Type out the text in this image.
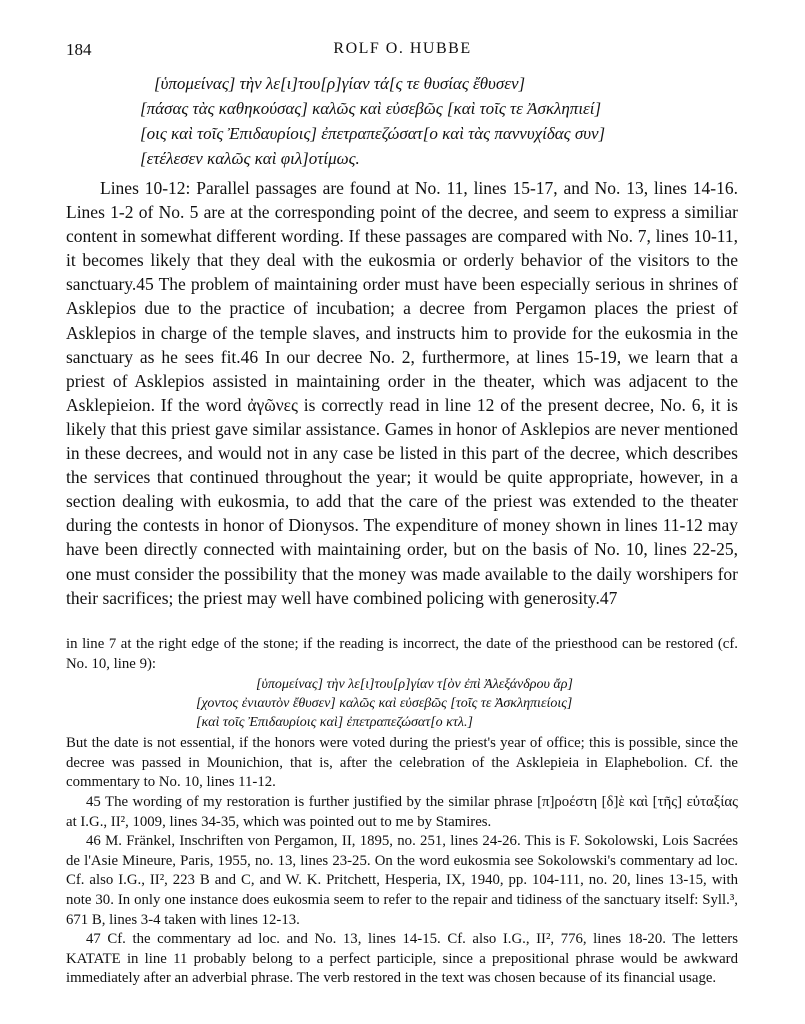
184	ROLF O. HUBBE
[ὑπομείνας] τὴν λε[ι]του[ρ]γίαν τά[ς τε θυσίας ἔθυσεν]
[πάσας τὰς καθηκούσας] καλῶς καὶ εὐσεβῶς [καὶ τοῖς τε Ἀσκληπιεί]
[οις καὶ τοῖς Ἐπιδαυρίοις] ἐπετραπεζώσατ[ο καὶ τὰς παννυχίδας συν]
[ετέλεσεν καλῶς καὶ φιλ]οτίμως.

Lines 10-12: Parallel passages are found at No. 11, lines 15-17, and No. 13, lines 14-16. Lines 1-2 of No. 5 are at the corresponding point of the decree, and seem to express a similiar content in somewhat different wording. If these passages are compared with No. 7, lines 10-11, it becomes likely that they deal with the eukosmia or orderly behavior of the visitors to the sanctuary.45 The problem of maintaining order must have been especially serious in shrines of Asklepios due to the practice of incubation; a decree from Pergamon places the priest of Asklepios in charge of the temple slaves, and instructs him to provide for the eukosmia in the sanctuary as he sees fit.46 In our decree No. 2, furthermore, at lines 15-19, we learn that a priest of Asklepios assisted in maintaining order in the theater, which was adjacent to the Asklepieion. If the word ἀγῶνες is correctly read in line 12 of the present decree, No. 6, it is likely that this priest gave similar assistance. Games in honor of Asklepios are never mentioned in these decrees, and would not in any case be listed in this part of the decree, which describes the services that continued throughout the year; it would be quite appropriate, however, in a section dealing with eukosmia, to add that the care of the priest was extended to the theater during the contests in honor of Dionysos. The expenditure of money shown in lines 11-12 may have been directly connected with maintaining order, but on the basis of No. 10, lines 22-25, one must consider the possibility that the money was made available to the daily worshipers for their sacrifices; the priest may well have combined policing with generosity.47

in line 7 at the right edge of the stone; if the reading is incorrect, the date of the priesthood can be restored (cf. No. 10, line 9):

[ὑπομείνας] τὴν λε[ι]του[ρ]γίαν τ[ὸν ἐπὶ Ἀλεξάνδρου ἄρ]
[χοντος ἐνιαυτὸν ἔθυσεν] καλῶς καὶ εὐσεβῶς [τοῖς τε Ἀσκληπιείοις]
[καὶ τοῖς Ἐπιδαυρίοις καὶ] ἐπετραπεζώσατ[ο κτλ.]

But the date is not essential, if the honors were voted during the priest's year of office; this is possible, since the decree was passed in Mounichion, that is, after the celebration of the Asklepieia in Elaphebolion. Cf. the commentary to No. 10, lines 11-12.

45 The wording of my restoration is further justified by the similar phrase [π]ροέστη [δ]ὲ καὶ [τῆς] εὐταξίας at I.G., II², 1009, lines 34-35, which was pointed out to me by Stamires.

46 M. Fränkel, Inschriften von Pergamon, II, 1895, no. 251, lines 24-26. This is F. Sokolowski, Lois Sacrées de l'Asie Mineure, Paris, 1955, no. 13, lines 23-25. On the word eukosmia see Sokolowski's commentary ad loc. Cf. also I.G., II², 223 B and C, and W. K. Pritchett, Hesperia, IX, 1940, pp. 104-111, no. 20, lines 13-15, with note 30. In only one instance does eukosmia seem to refer to the repair and tidiness of the sanctuary itself: Syll.³, 671 B, lines 3-4 taken with lines 12-13.

47 Cf. the commentary ad loc. and No. 13, lines 14-15. Cf. also I.G., II², 776, lines 18-20. The letters KATATE in line 11 probably belong to a perfect participle, since a prepositional phrase would be awkward immediately after an adverbial phrase. The verb restored in the text was chosen because of its financial usage.
